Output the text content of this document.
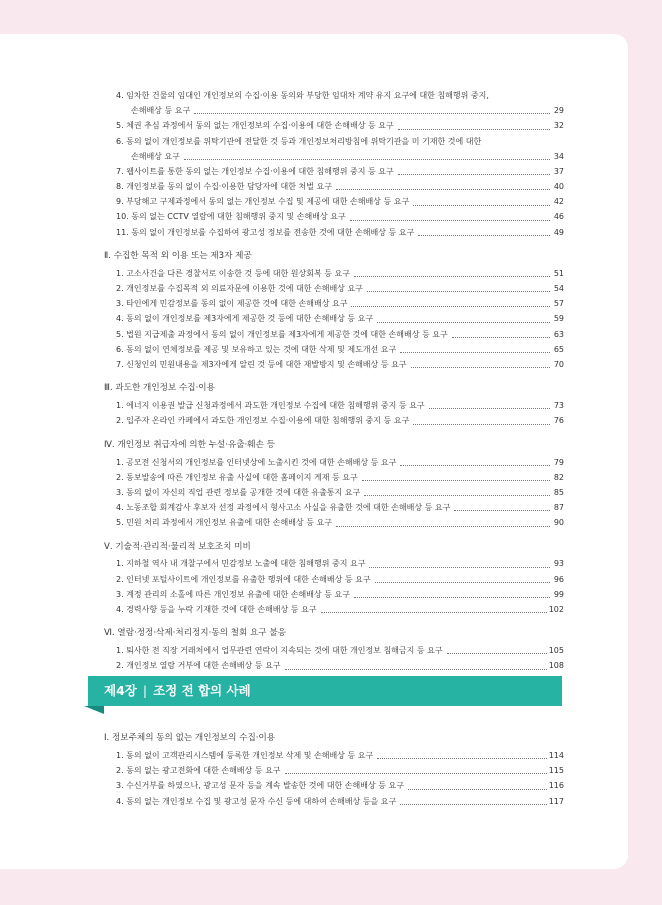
4. 임차한 건물의 임대인 개인정보의 수집·이용 동의와 부당한 임대차 계약 유지 요구에 대한 침해행위 중지,
손해배상 등 요구	29
5. 체권 추심 과정에서 동의 없는 개인정보의 수집·이용에 대한 손해배상 등 요구	32
6. 동의 없이 개인정보를 위탁기관에 전달한 것 등과 개인정보처리방침에 위탁기관을 미 기재한 것에 대한
손해배상 요구	34
7. 웹사이트를 통한 동의 없는 개인정보 수집·이용에 대한 침해행위 중지 등 요구	37
8. 개인정보를 동의 없이 수집·이용한 담당자에 대한 처벌 요구	40
9. 부당해고 구제과정에서 동의 없는 개인정보 수집 및 제공에 대한 손해배상 등 요구	42
10. 동의 없는 CCTV 열람에 대한 침해행위 중지 및 손해배상 요구	46
11. 동의 없이 개인정보를 수집하여 광고성 정보를 전송한 것에 대한 손해배상 등 요구	49
Ⅱ. 수집한 목적 외 이용 또는 제3자 제공
1. 고소사건을 다른 경찰서로 이송한 것 등에 대한 원상회복 등 요구	51
2. 개인정보를 수집목적 외 의료자문에 이용한 것에 대한 손해배상 요구	54
3. 타인에게 민감정보를 동의 없이 제공한 것에 대한 손해배상 요구	57
4. 동의 없이 개인정보를 제3자에게 제공한 것 등에 대한 손해배상 등 요구	59
5. 법원 지급제출 과정에서 동의 없이 개인정보를 제3자에게 제공한 것에 대한 손해배상 등 요구	63
6. 동의 없이 연체정보를 제공 및 보유하고 있는 것에 대한 삭제 및 제도개선 요구	65
7. 신청인의 민원내용을 제3자에게 알린 것 등에 대한 재발방지 및 손해배상 등 요구	70
Ⅲ. 과도한 개인정보 수집·이용
1. 에너지 이용권 발급 신청과정에서 과도한 개인정보 수집에 대한 침해행위 중지 등 요구	73
2. 입주자 온라인 카페에서 과도한 개인정보 수집·이용에 대한 침해행위 중지 등 요구	76
Ⅳ. 개인정보 취급자에 의한 누설·유출·훼손 등
1. 공모전 신청서의 개인정보를 인터넷상에 노출시킨 것에 대한 손해배상 등 요구	79
2. 동보발송에 따른 개인정보 유출 사실에 대한 홈페이지 게재 등 요구	82
3. 동의 없이 자신의 직업 관련 정보를 공개한 것에 대한 유출통지 요구	85
4. 노동조합 회계감사 후보자 선정 과정에서 형사고소 사실을 유출한 것에 대한 손해배상 등 요구	87
5. 민원 처리 과정에서 개인정보 유출에 대한 손해배상 등 요구	90
Ⅴ. 기술적·관리적·물리적 보호조치 미비
1. 지하철 역사 내 개찰구에서 민감정보 노출에 대한 침해행위 중지 요구	93
2. 인터넷 포털사이트에 개인정보를 유출한 행위에 대한 손해배상 등 요구	96
3. 계정 관리의 소홀에 따른 개인정보 유출에 대한 손해배상 등 요구	99
4. 경력사항 등을 누락 기재한 것에 대한 손해배상 등 요구	102
Ⅵ. 열람·정정·삭제·처리정지·동의 철회 요구 불응
1. 퇴사한 전 직장 거래처에서 업무관련 연락이 지속되는 것에 대한 개인정보 침해금지 등 요구	105
2. 개인정보 열람 거부에 대한 손해배상 등 요구	108
제4장 | 조정 전 합의 사례
Ⅰ. 정보주체의 동의 없는 개인정보의 수집·이용
1. 동의 없이 고객관리시스템에 등록한 개인정보 삭제 및 손해배상 등 요구	114
2. 동의 없는 광고전화에 대한 손해배상 등 요구	115
3. 수신거부를 하였으나, 광고성 문자 등을 계속 발송한 것에 대한 손해배상 등 요구	116
4. 동의 없는 개인정보 수집 및 광고성 문자 수신 등에 대하여 손해배상 등을 요구	117
